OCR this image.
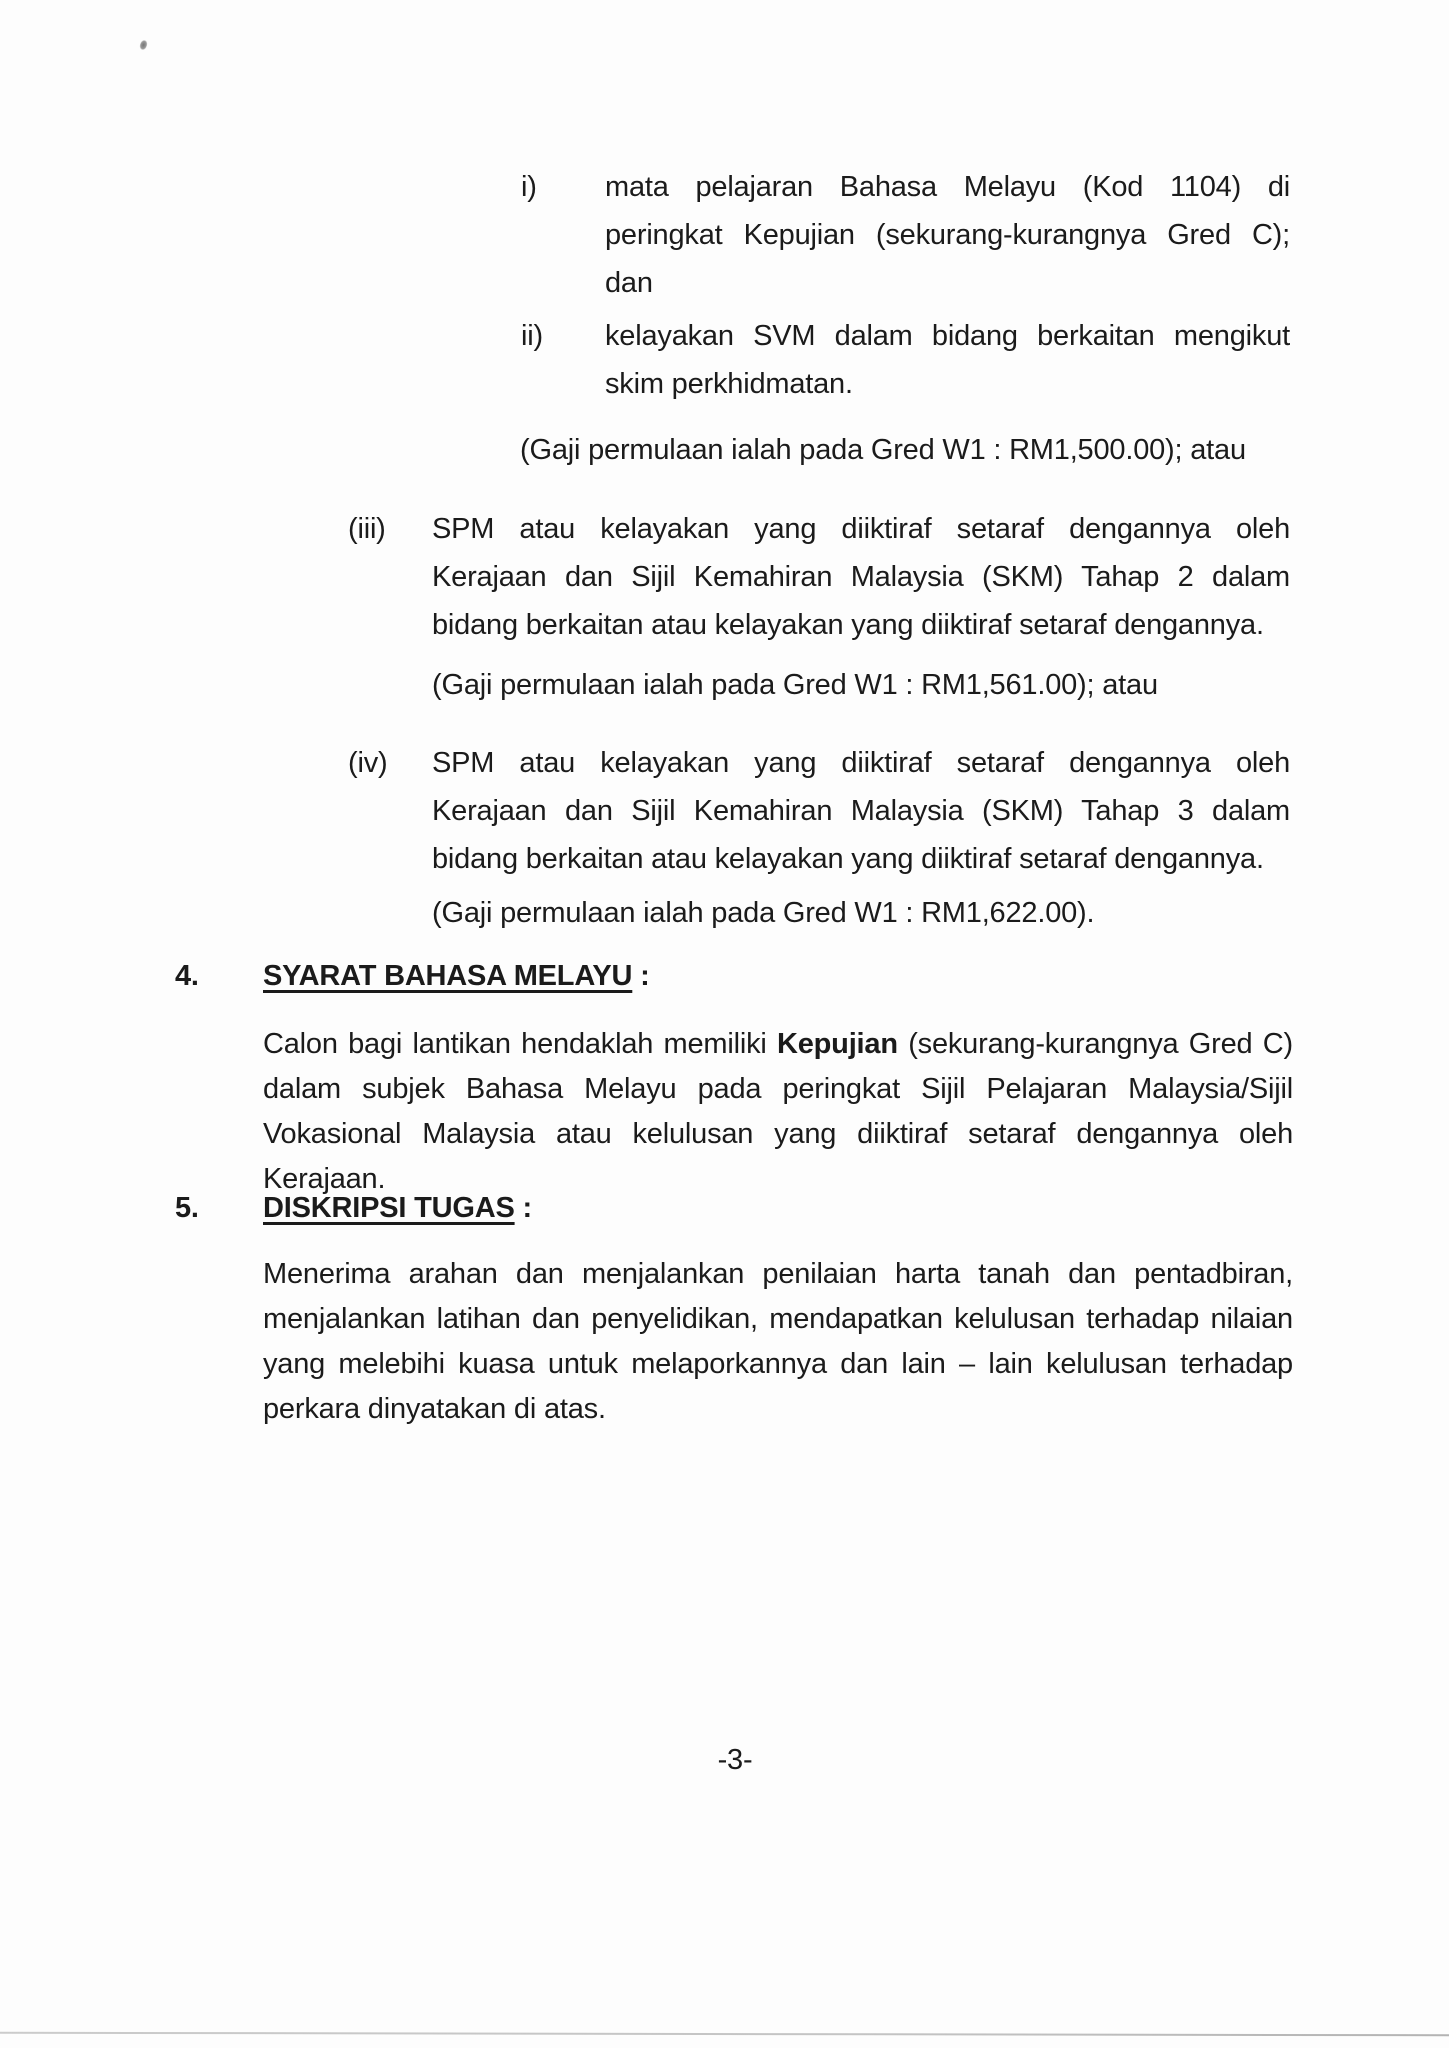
i) mata pelajaran Bahasa Melayu (Kod 1104) di
peringkat Kepujian (sekurang-kurangnya Gred C);
dan
ii) kelayakan SVM dalam bidang berkaitan mengikut
skim perkhidmatan.
(Gaji permulaan ialah pada Gred W1 : RM1,500.00); atau
(iii) SPM atau kelayakan yang diiktiraf setaraf dengannya oleh
Kerajaan dan Sijil Kemahiran Malaysia (SKM) Tahap 2 dalam
bidang berkaitan atau kelayakan yang diiktiraf setaraf dengannya.
(Gaji permulaan ialah pada Gred W1 : RM1,561.00); atau
(iv) SPM atau kelayakan yang diiktiraf setaraf dengannya oleh
Kerajaan dan Sijil Kemahiran Malaysia (SKM) Tahap 3 dalam
bidang berkaitan atau kelayakan yang diiktiraf setaraf dengannya.
(Gaji permulaan ialah pada Gred W1 : RM1,622.00).
4. SYARAT BAHASA MELAYU :
Calon bagi lantikan hendaklah memiliki Kepujian (sekurang-kurangnya Gred C)
dalam subjek Bahasa Melayu pada peringkat Sijil Pelajaran Malaysia/Sijil
Vokasional Malaysia atau kelulusan yang diiktiraf setaraf dengannya oleh
Kerajaan.
5. DISKRIPSI TUGAS :
Menerima arahan dan menjalankan penilaian harta tanah dan pentadbiran,
menjalankan latihan dan penyelidikan, mendapatkan kelulusan terhadap nilaian
yang melebihi kuasa untuk melaporkannya dan lain – lain kelulusan terhadap
perkara dinyatakan di atas.
-3-
